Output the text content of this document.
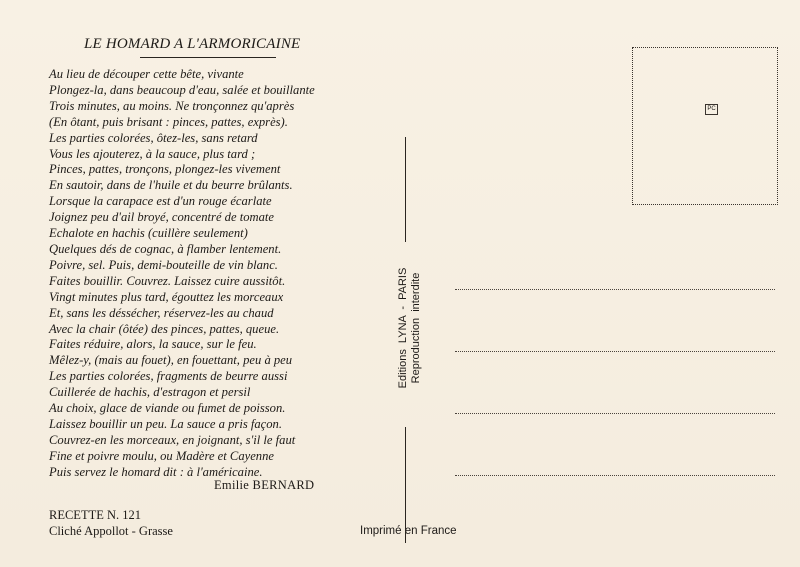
LE HOMARD A L'ARMORICAINE
Au lieu de découper cette bête, vivante
Plongez-la, dans beaucoup d'eau, salée et bouillante
Trois minutes, au moins. Ne tronçonnez qu'après
(En ôtant, puis brisant : pinces, pattes, exprès).
Les parties colorées, ôtez-les, sans retard
Vous les ajouterez, à la sauce, plus tard ;
Pinces, pattes, tronçons, plongez-les vivement
En sautoir, dans de l'huile et du beurre brûlants.
Lorsque la carapace est d'un rouge écarlate
Joignez peu d'ail broyé, concentré de tomate
Echalote en hachis (cuillère seulement)
Quelques dés de cognac, à flamber lentement.
Poivre, sel. Puis, demi-bouteille de vin blanc.
Faites bouillir. Couvrez. Laissez cuire aussitôt.
Vingt minutes plus tard, égouttez les morceaux
Et, sans les déssécher, réservez-les au chaud
Avec la chair (ôtée) des pinces, pattes, queue.
Faites réduire, alors, la sauce, sur le feu.
Mêlez-y, (mais au fouet), en fouettant, peu à peu
Les parties colorées, fragments de beurre aussi
Cuillerée de hachis, d'estragon et persil
Au choix, glace de viande ou fumet de poisson.
Laissez bouillir un peu. La sauce a pris façon.
Couvrez-en les morceaux, en joignant, s'il le faut
Fine et poivre moulu, ou Madère et Cayenne
Puis servez le homard dit : à l'américaine.
Emilie BERNARD
RECETTE N. 121
Cliché Appollot - Grasse	Imprimé en France
Editions  LYNA  -  PARIS Reproduction  interdite
PC
